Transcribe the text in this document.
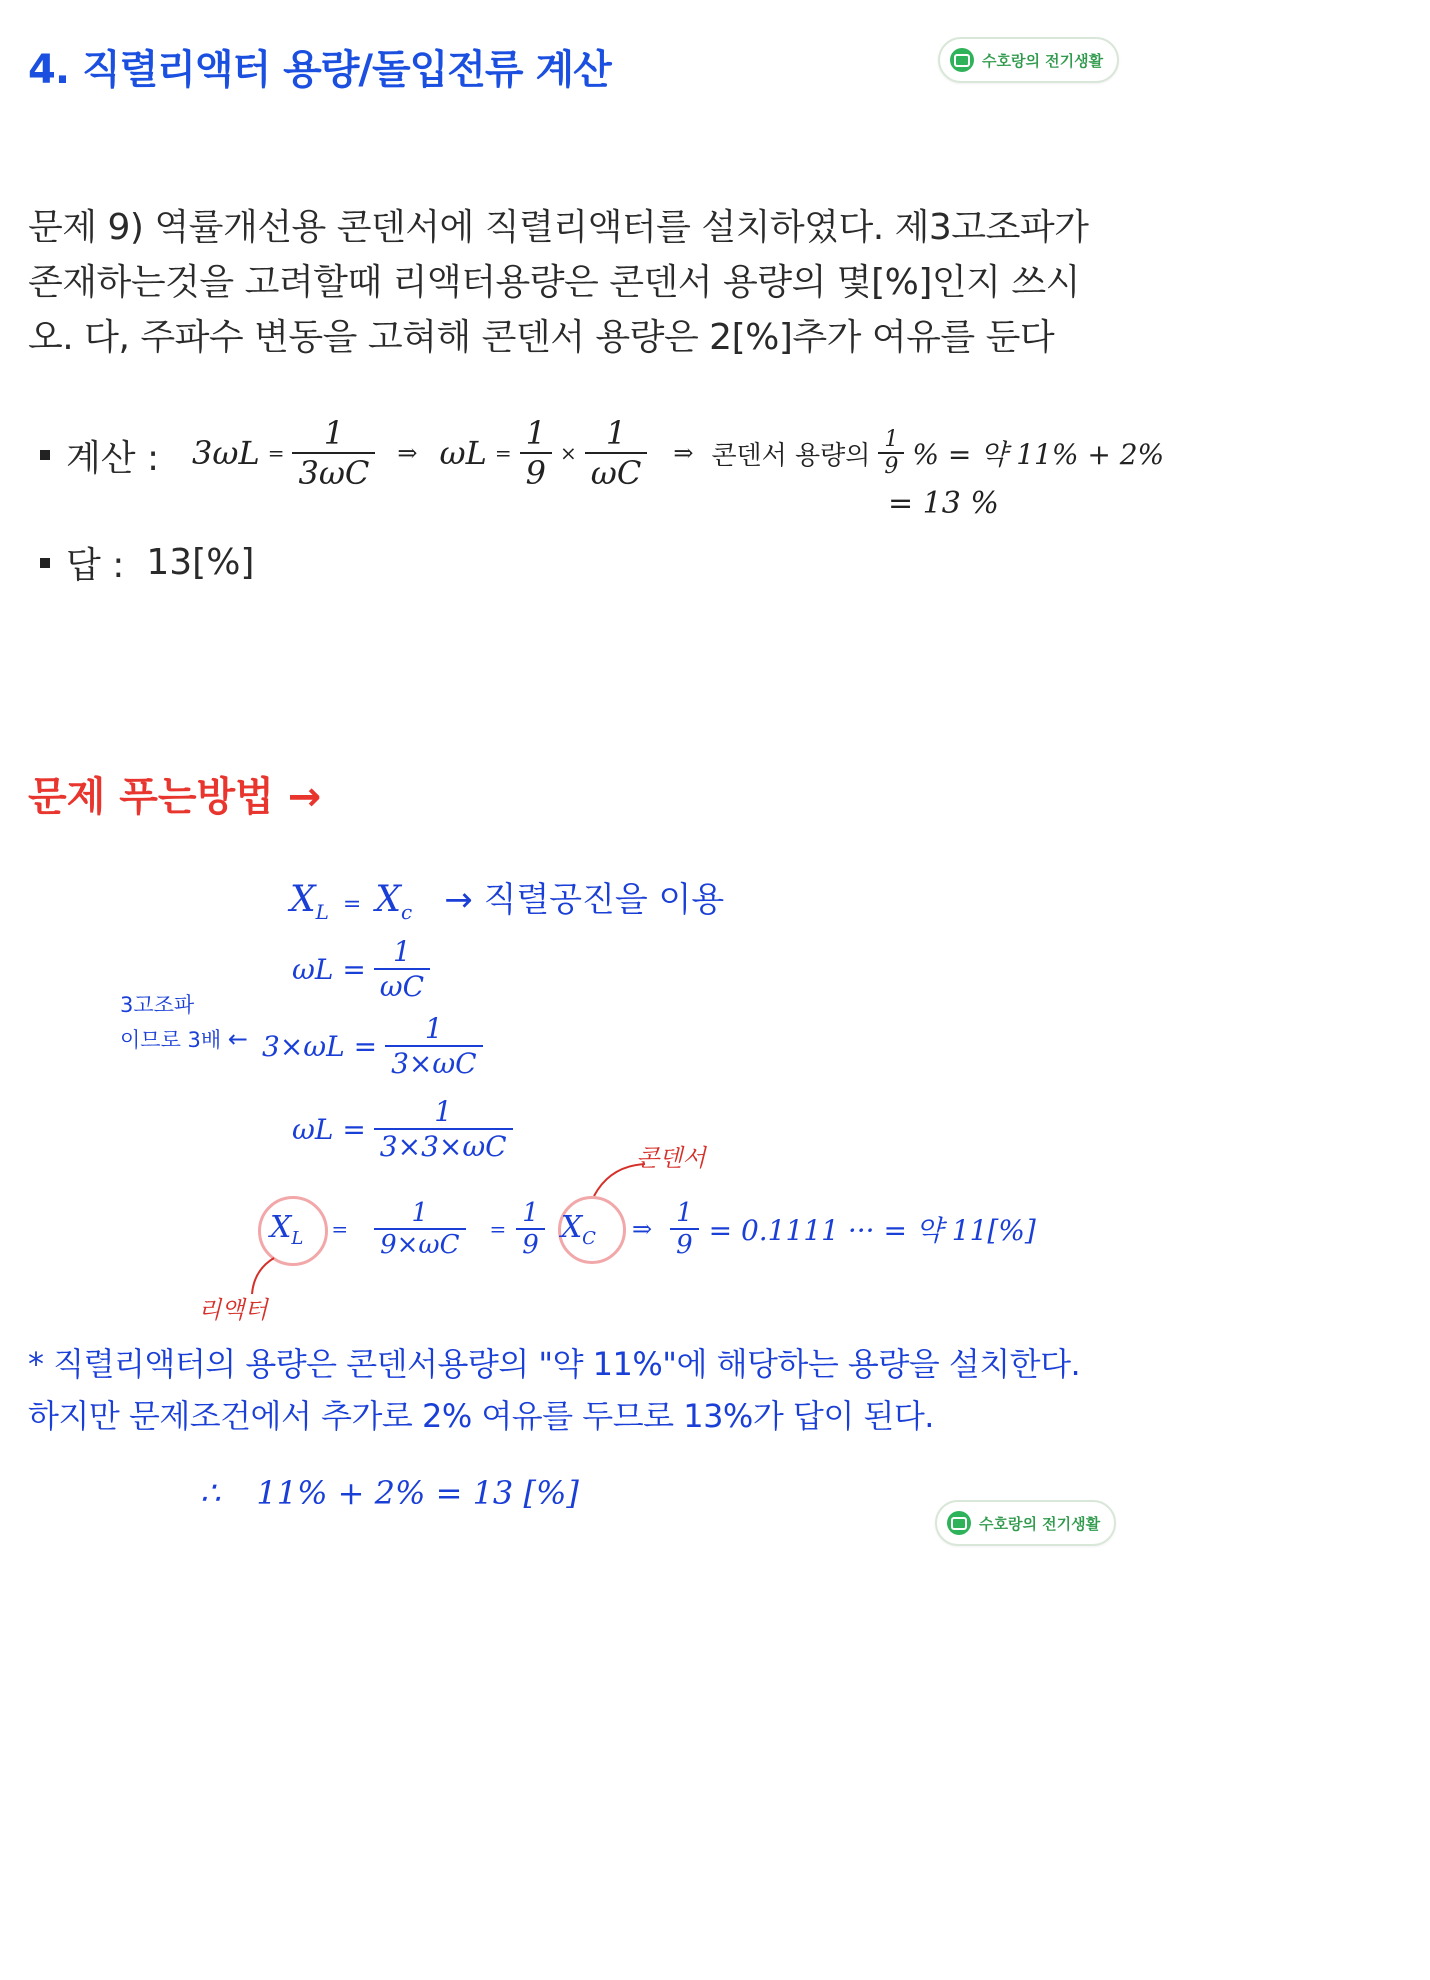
4. 직렬리액터 용량/돌입전류 계산	수호랑의 전기생활
문제 9) 역률개선용 콘덴서에 직렬리액터를 설치하였다. 제3고조파가 존재하는것을 고려할때 리액터용량은 콘덴서 용량의 몇[%]인지 쓰시오. 다, 주파수 변동을 고혀해 콘덴서 용량은 2[%]추가 여유를 둔다
계산 : $3\omega L = \frac{1}{3\omega C}$ ⇒ $\omega L = \frac{1}{9} \times \frac{1}{\omega C}$ ⇒ 콘덴서 용량의 $\frac{1}{9}$ % = 약 11% + 2%
= 13 %
답 : 13[%]
문제 푸는방법 →
$X_L = X_c$ → 직렬공진을 이용
$\omega L = \frac{1}{\omega C}$
3고조파
이므로 3배 ← $3\times\omega L = \frac{1}{3\times\omega C}$
$\omega L = \frac{1}{3\times 3\times\omega C}$	콘덴서
$X_L = \frac{1}{9\times\omega C} = \frac{1}{9} X_C$ ⇒ $\frac{1}{9} = 0.1111$ ··· = 약 11[%]
리액터
* 직렬리액터의 용량은 콘덴서용량의 "약 11%"에 해당하는 용량을 설치한다. 하지만 문제조건에서 추가로 2% 여유를 두므로 13%가 답이 된다.
∴ 11% + 2% = 13 [%]
수호랑의 전기생활
